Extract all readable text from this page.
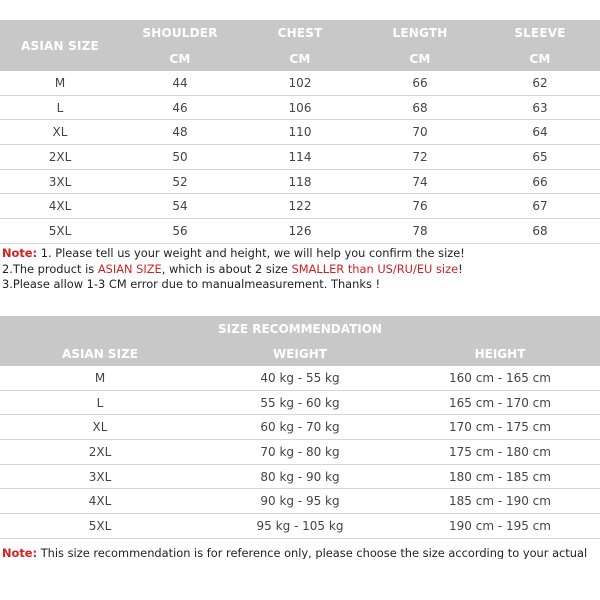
ASIAN SIZE
SHOULDER	CHEST	LENGTH	SLEEVE
CM	CM	CM	CM
M	44	102	66	62
L	46	106	68	63
XL	48	110	70	64
2XL	50	114	72	65
3XL	52	118	74	66
4XL	54	122	76	67
5XL	56	126	78	68
Note: 1. Please tell us your weight and height, we will help you confirm the size!
2.The product is ASIAN SIZE, which is about 2 size SMALLER than US/RU/EU size!
3.Please allow 1-3 CM error due to manualmeasurement. Thanks !
SIZE RECOMMENDATION
ASIAN SIZE	WEIGHT	HEIGHT
M	40 kg - 55 kg	160 cm - 165 cm
L	55 kg - 60 kg	165 cm - 170 cm
XL	60 kg - 70 kg	170 cm - 175 cm
2XL	70 kg - 80 kg	175 cm - 180 cm
3XL	80 kg - 90 kg	180 cm - 185 cm
4XL	90 kg - 95 kg	185 cm - 190 cm
5XL	95 kg - 105 kg	190 cm - 195 cm
Note: This size recommendation is for reference only, please choose the size according to your actual
